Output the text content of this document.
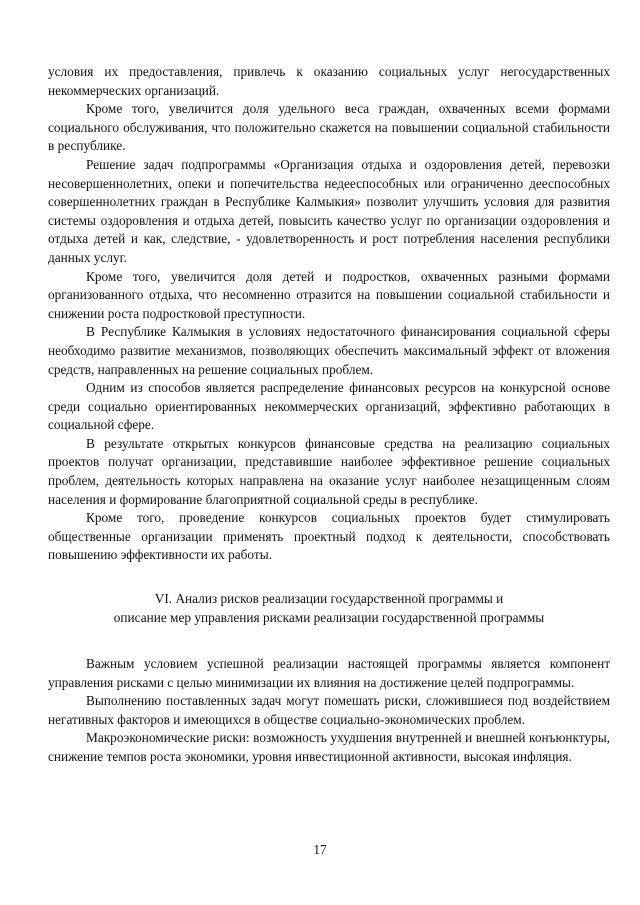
условия их предоставления, привлечь к оказанию социальных услуг негосударственных некоммерческих организаций.

Кроме того, увеличится доля удельного веса граждан, охваченных всеми формами социального обслуживания, что положительно скажется на повышении социальной стабильности в республике.

Решение задач подпрограммы «Организация отдыха и оздоровления детей, перевозки несовершеннолетних, опеки и попечительства недееспособных или ограниченно дееспособных совершеннолетних граждан в Республике Калмыкия» позволит улучшить условия для развития системы оздоровления и отдыха детей, повысить качество услуг по организации оздоровления и отдыха детей и как, следствие, - удовлетворенность и рост потребления населения республики данных услуг.

Кроме того, увеличится доля детей и подростков, охваченных разными формами организованного отдыха, что несомненно отразится на повышении социальной стабильности и снижении роста подростковой преступности.

В Республике Калмыкия в условиях недостаточного финансирования социальной сферы необходимо развитие механизмов, позволяющих обеспечить максимальный эффект от вложения средств, направленных на решение социальных проблем.

Одним из способов является распределение финансовых ресурсов на конкурсной основе среди социально ориентированных некоммерческих организаций, эффективно работающих в социальной сфере.

В результате открытых конкурсов финансовые средства на реализацию социальных проектов получат организации, представившие наиболее эффективное решение социальных проблем, деятельность которых направлена на оказание услуг наиболее незащищенным слоям населения и формирование благоприятной социальной среды в республике.

Кроме того, проведение конкурсов социальных проектов будет стимулировать общественные организации применять проектный подход к деятельности, способствовать повышению эффективности их работы.

VI. Анализ рисков реализации государственной программы и
описание мер управления рисками реализации государственной программы

Важным условием успешной реализации настоящей программы является компонент управления рисками с целью минимизации их влияния на достижение целей подпрограммы.

Выполнению поставленных задач могут помешать риски, сложившиеся под воздействием негативных факторов и имеющихся в обществе социально-экономических проблем.

Макроэкономические риски: возможность ухудшения внутренней и внешней конъюнктуры, снижение темпов роста экономики, уровня инвестиционной активности, высокая инфляция.

17
